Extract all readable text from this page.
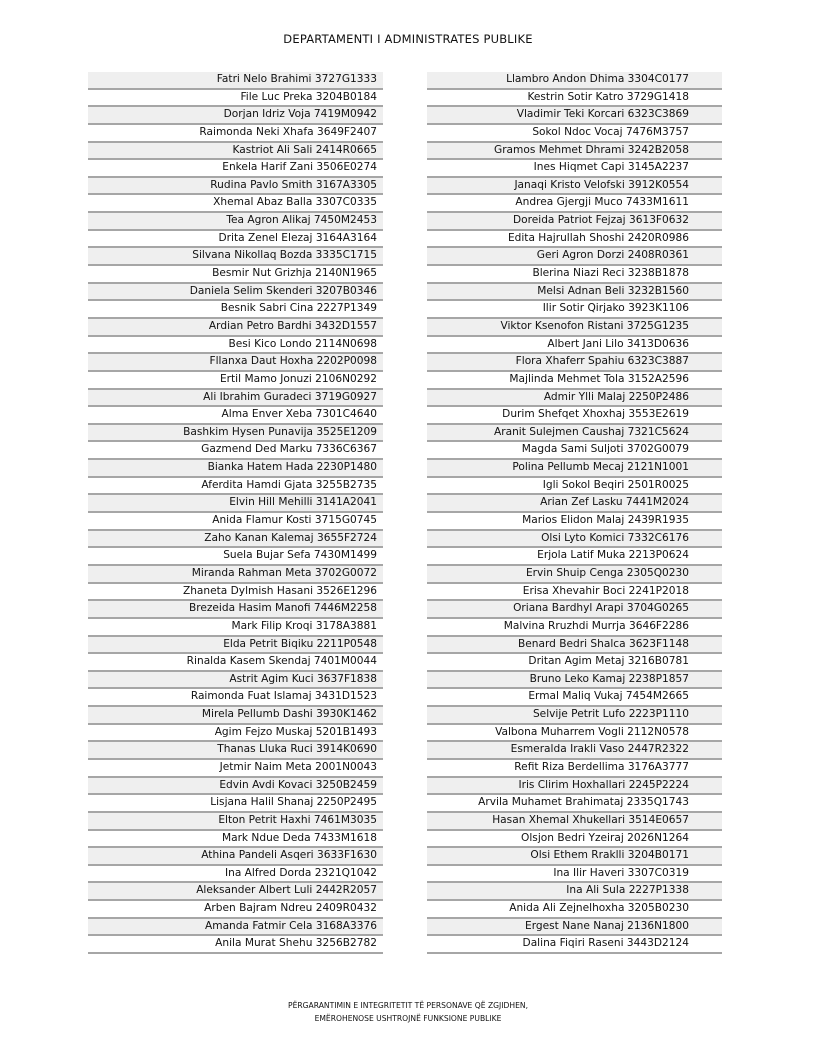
DEPARTAMENTI I ADMINISTRATES PUBLIKE
Fatri Nelo Brahimi 3727G1333
File Luc Preka 3204B0184
Dorjan Idriz Voja 7419M0942
Raimonda Neki Xhafa 3649F2407
Kastriot Ali Sali 2414R0665
Enkela Harif Zani 3506E0274
Rudina Pavlo Smith 3167A3305
Xhemal Abaz Balla 3307C0335
Tea Agron Alikaj 7450M2453
Drita Zenel Elezaj 3164A3164
Silvana Nikollaq Bozda 3335C1715
Besmir Nut Grizhja 2140N1965
Daniela Selim Skenderi 3207B0346
Besnik Sabri Cina 2227P1349
Ardian Petro Bardhi 3432D1557
Besi Kico Londo 2114N0698
Fllanxa Daut Hoxha 2202P0098
Ertil Mamo Jonuzi 2106N0292
Ali Ibrahim Guradeci 3719G0927
Alma Enver Xeba 7301C4640
Bashkim Hysen Punavija 3525E1209
Gazmend Ded Marku 7336C6367
Bianka Hatem Hada 2230P1480
Aferdita Hamdi Gjata 3255B2735
Elvin Hill Mehilli 3141A2041
Anida Flamur Kosti 3715G0745
Zaho Kanan Kalemaj 3655F2724
Suela Bujar Sefa 7430M1499
Miranda Rahman Meta 3702G0072
Zhaneta Dylmish Hasani 3526E1296
Brezeida Hasim Manofi 7446M2258
Mark Filip Kroqi 3178A3881
Elda Petrit Biqiku 2211P0548
Rinalda Kasem Skendaj 7401M0044
Astrit Agim Kuci 3637F1838
Raimonda Fuat Islamaj 3431D1523
Mirela Pellumb Dashi 3930K1462
Agim Fejzo Muskaj 5201B1493
Thanas Lluka Ruci 3914K0690
Jetmir Naim Meta 2001N0043
Edvin Avdi Kovaci 3250B2459
Lisjana Halil Shanaj 2250P2495
Elton Petrit Haxhi 7461M3035
Mark Ndue Deda 7433M1618
Athina Pandeli Asqeri 3633F1630
Ina Alfred Dorda 2321Q1042
Aleksander Albert Luli 2442R2057
Arben Bajram Ndreu 2409R0432
Amanda Fatmir Cela 3168A3376
Anila Murat Shehu 3256B2782
Llambro Andon Dhima 3304C0177
Kestrin Sotir Katro 3729G1418
Vladimir Teki Korcari 6323C3869
Sokol Ndoc Vocaj 7476M3757
Gramos Mehmet Dhrami 3242B2058
Ines Hiqmet Capi 3145A2237
Janaqi Kristo Velofski 3912K0554
Andrea Gjergji Muco 7433M1611
Doreida Patriot Fejzaj 3613F0632
Edita Hajrullah Shoshi 2420R0986
Geri Agron Dorzi 2408R0361
Blerina Niazi Reci 3238B1878
Melsi Adnan Beli 3232B1560
Ilir Sotir Qirjako 3923K1106
Viktor Ksenofon Ristani 3725G1235
Albert Jani Lilo 3413D0636
Flora Xhaferr Spahiu 6323C3887
Majlinda Mehmet Tola 3152A2596
Admir Ylli Malaj 2250P2486
Durim Shefqet Xhoxhaj 3553E2619
Aranit Sulejmen Caushaj 7321C5624
Magda Sami Suljoti 3702G0079
Polina Pellumb Mecaj 2121N1001
Igli Sokol Beqiri 2501R0025
Arian Zef Lasku 7441M2024
Marios Elidon Malaj 2439R1935
Olsi Lyto Komici 7332C6176
Erjola Latif Muka 2213P0624
Ervin Shuip Cenga 2305Q0230
Erisa Xhevahir Boci 2241P2018
Oriana Bardhyl Arapi 3704G0265
Malvina Rruzhdi Murrja 3646F2286
Benard Bedri Shalca 3623F1148
Dritan Agim Metaj 3216B0781
Bruno Leko Kamaj 2238P1857
Ermal Maliq Vukaj 7454M2665
Selvije Petrit Lufo 2223P1110
Valbona Muharrem Vogli 2112N0578
Esmeralda Irakli Vaso 2447R2322
Refit Riza Berdellima 3176A3777
Iris Clirim Hoxhallari 2245P2224
Arvila Muhamet Brahimataj 2335Q1743
Hasan Xhemal Xhukellari 3514E0657
Olsjon Bedri Yzeiraj 2026N1264
Olsi Ethem Rraklli 3204B0171
Ina Ilir Haveri 3307C0319
Ina Ali Sula 2227P1338
Anida Ali Zejnelhoxha 3205B0230
Ergest Nane Nanaj 2136N1800
Dalina Fiqiri Raseni 3443D2124
PËRGARANTIMIN E INTEGRITETIT TË PERSONAVE QË ZGJIDHEN,
EMËROHENOSE USHTROJNË FUNKSIONE PUBLIKE
